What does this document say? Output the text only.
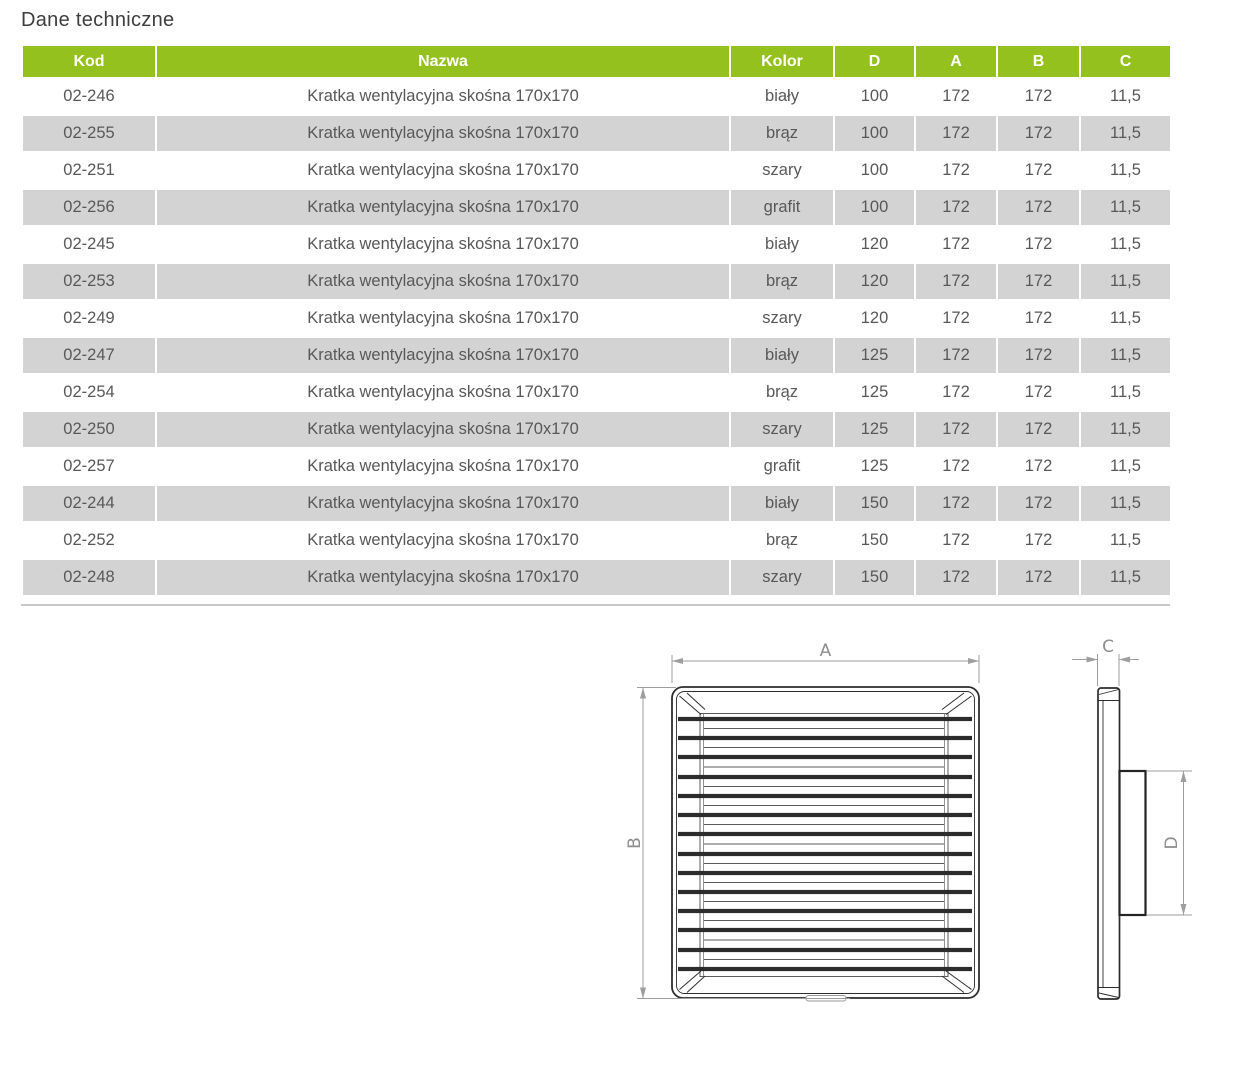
Dane techniczne
Kod	Nazwa	Kolor	D	A	B	C
02-246	Kratka wentylacyjna skośna 170x170	biały	100	172	172	11,5
02-255	Kratka wentylacyjna skośna 170x170	brąz	100	172	172	11,5
02-251	Kratka wentylacyjna skośna 170x170	szary	100	172	172	11,5
02-256	Kratka wentylacyjna skośna 170x170	grafit	100	172	172	11,5
02-245	Kratka wentylacyjna skośna 170x170	biały	120	172	172	11,5
02-253	Kratka wentylacyjna skośna 170x170	brąz	120	172	172	11,5
02-249	Kratka wentylacyjna skośna 170x170	szary	120	172	172	11,5
02-247	Kratka wentylacyjna skośna 170x170	biały	125	172	172	11,5
02-254	Kratka wentylacyjna skośna 170x170	brąz	125	172	172	11,5
02-250	Kratka wentylacyjna skośna 170x170	szary	125	172	172	11,5
02-257	Kratka wentylacyjna skośna 170x170	grafit	125	172	172	11,5
02-244	Kratka wentylacyjna skośna 170x170	biały	150	172	172	11,5
02-252	Kratka wentylacyjna skośna 170x170	brąz	150	172	172	11,5
02-248	Kratka wentylacyjna skośna 170x170	szary	150	172	172	11,5
A
B
C
D
